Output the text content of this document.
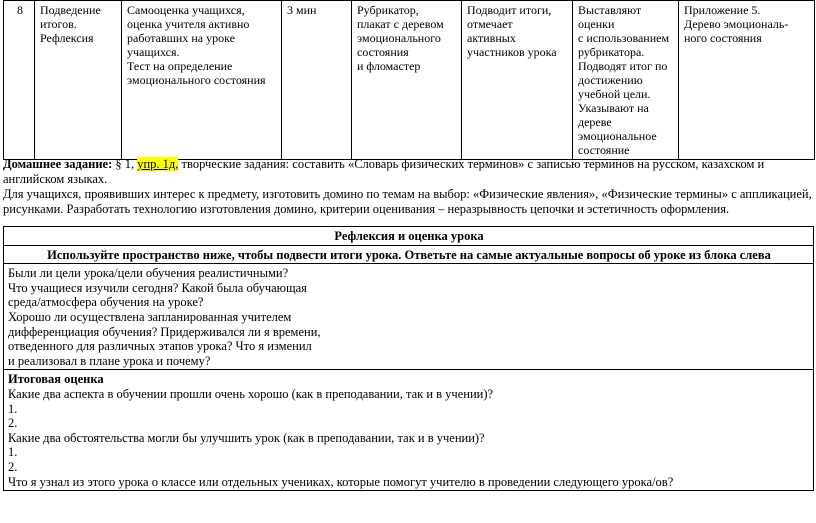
8	Подведение
итогов.
Рефлексия	Самооценка учащихся,
оценка учителя активно
работавших на уроке
учащихся.
Тест на определение
эмоционального состояния	3 мин	Рубрикатор,
плакат с деревом
эмоционального
состояния
и фломастер	Подводит итоги,
отмечает
активных
участников урока	Выставляют
оценки
с использованием
рубрикатора.
Подводят итог по
достижению
учебной цели.
Указывают на
дереве
эмоциональное
состояние	Приложение 5.
Дерево эмоциональ-
ного состояния

Домашнее задание: § 1, упр. 1д, творческие задания: составить «Словарь физических терминов» с записью терминов на русском, казахском и английском языках.

Для учащихся, проявивших интерес к предмету, изготовить домино по темам на выбор: «Физические явления», «Физические термины» с аппликацией, рисунками. Разработать технологию изготовления домино, критерии оценивания – неразрывность цепочки и эстетичность оформления.

Рефлексия и оценка урока
Используйте пространство ниже, чтобы подвести итоги урока. Ответьте на самые актуальные вопросы об уроке из блока слева
Были ли цели урока/цели обучения реалистичными?
Что учащиеся изучили сегодня? Какой была обучающая
среда/атмосфера обучения на уроке?
Хорошо ли осуществлена запланированная учителем
дифференциация обучения? Придерживался ли я времени,
отведенного для различных этапов урока? Что я изменил
и реализовал в плане урока и почему?

Итоговая оценка
Какие два аспекта в обучении прошли очень хорошо (как в преподавании, так и в учении)?
1.
2.
Какие два обстоятельства могли бы улучшить урок (как в преподавании, так и в учении)?
1.
2.
Что я узнал из этого урока о классе или отдельных учениках, которые помогут учителю в проведении следующего урока/ов?
